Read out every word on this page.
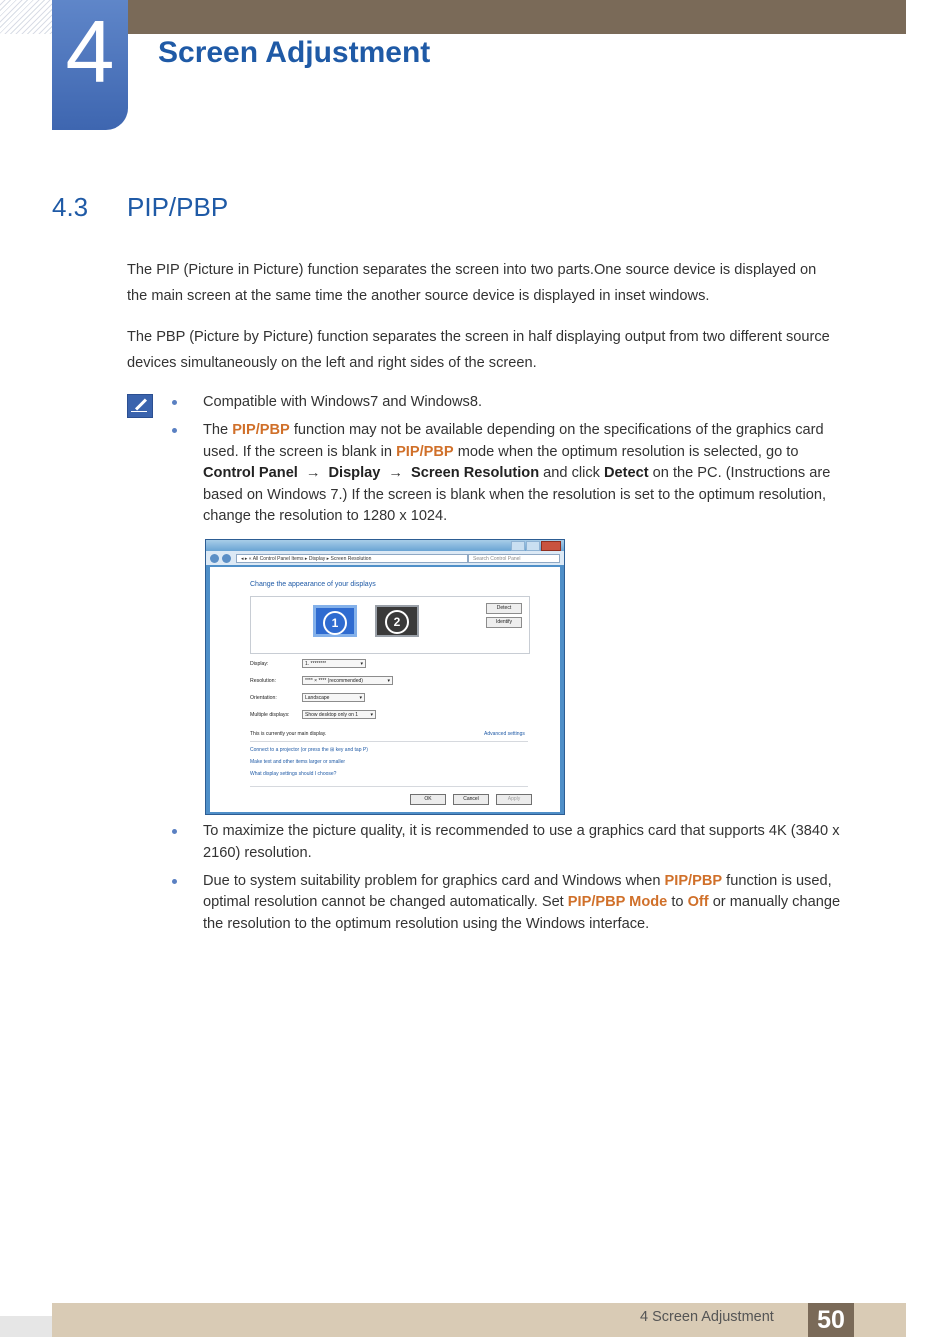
4	Screen Adjustment
4.3 PIP/PBP

The PIP (Picture in Picture) function separates the screen into two parts.One source device is displayed on the main screen at the same time the another source device is displayed in inset windows.

The PBP (Picture by Picture) function separates the screen in half displaying output from two different source devices simultaneously on the left and right sides of the screen.

Compatible with Windows7 and Windows8.
The PIP/PBP function may not be available depending on the specifications of the graphics card used. If the screen is blank in PIP/PBP mode when the optimum resolution is selected, go to Control Panel → Display → Screen Resolution and click Detect on the PC. (Instructions are based on Windows 7.) If the screen is blank when the resolution is set to the optimum resolution, change the resolution to 1280 x 1024.
◂ ▸ « All Control Panel Items ▸ Display ▸ Screen Resolution	Search Control Panel
Change the appearance of your displays
1	2
Detect
Identify
Display:	1. ******** ▾
Resolution:	**** × **** (recommended) ▾
Orientation:	Landscape ▾
Multiple displays:	Show desktop only on 1 ▾
This is currently your main display.	Advanced settings
Connect to a projector (or press the ⊞ key and tap P)
Make text and other items larger or smaller
What display settings should I choose?
OK	Cancel	Apply
To maximize the picture quality, it is recommended to use a graphics card that supports 4K (3840 x 2160) resolution.
Due to system suitability problem for graphics card and Windows when PIP/PBP function is used, optimal resolution cannot be changed automatically. Set PIP/PBP Mode to Off or manually change the resolution to the optimum resolution using the Windows interface.
4 Screen Adjustment	50
